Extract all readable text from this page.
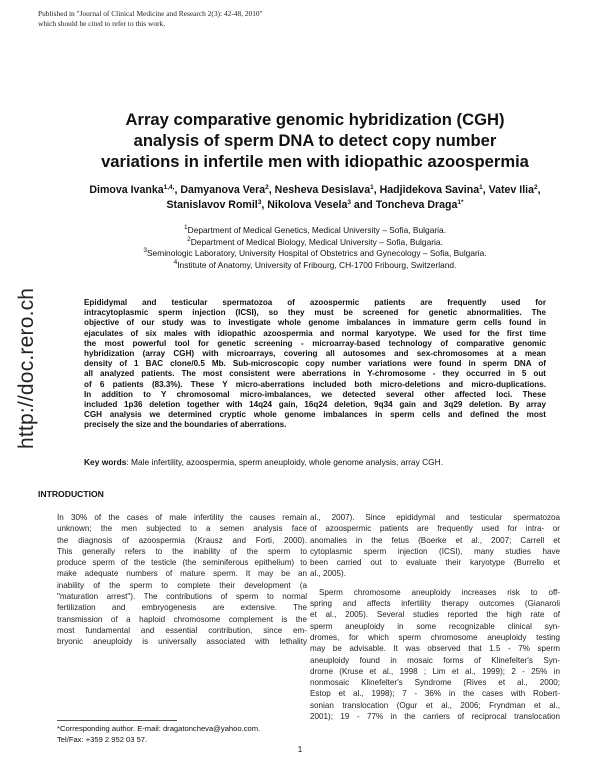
Published in "Journal of Clinical Medicine and Research 2(3): 42-48, 2010"
which should be cited to refer to this work.
http://doc.rero.ch
Array comparative genomic hybridization (CGH)
analysis of sperm DNA to detect copy number
variations in infertile men with idiopathic azoospermia
Dimova Ivanka$^{1,4,}$, Damyanova Vera$^2$, Nesheva Desislava$^1$, Hadjidekova Savina$^1$, Vatev Ilia$^2$,
Stanislavov Romil$^3$, Nikolova Vesela$^3$ and Toncheva Draga$^{1*}$
$^1$Department of Medical Genetics, Medical University – Sofia, Bulgaria.
$^2$Department of Medical Biology, Medical University – Sofia, Bulgaria.
$^3$Seminologic Laboratory, University Hospital of Obstetrics and Gynecology – Sofia, Bulgaria.
$^4$Institute of Anatomy, University of Fribourg, CH-1700 Fribourg, Switzerland.
Epididymal and testicular spermatozoa of azoospermic patients are frequently used for
intracytoplasmic sperm injection (ICSI), so they must be screened for genetic abnormalities. The
objective of our study was to investigate whole genome imbalances in immature germ cells found in
ejaculates of six males with idiopathic azoospermia and normal karyotype. We used for the first time
the most powerful tool for genetic screening - microarray-based technology of comparative genomic
hybridization (array CGH) with microarrays, covering all autosomes and sex-chromosomes at a mean
density of 1 BAC clone/0.5 Mb. Sub-microscopic copy number variations were found in sperm DNA of
all analyzed patients. The most consistent were aberrations in Y-chromosome - they occurred in 5 out
of 6 patients (83.3%). These Y micro-aberrations included both micro-deletions and micro-duplications.
In addition to Y chromosomal micro-imbalances, we detected several other affected loci. These
included 1p36 deletion together with 14q24 gain, 16q24 deletion, 9q34 gain and 3q29 deletion. By array
CGH analysis we determined cryptic whole genome imbalances in sperm cells and defined the most
precisely the size and the boundaries of aberrations.
Key words: Male infertility, azoospermia, sperm aneuploidy, whole genome analysis, array CGH.
INTRODUCTION
In 30% of the cases of male infertility the causes remain
unknown; the men subjected to a semen analysis face
the diagnosis of azoospermia (Krausz and Forti, 2000).
This generally refers to the inability of the sperm to
produce sperm of the testicle (the seminiferous epithelium) to
make adequate numbers of mature sperm. It may be an
inability of the sperm to complete their development (a
"maturation arrest"). The contributions of sperm to normal
fertilization and embryogenesis are extensive. The
transmission of a haploid chromosome complement is the
most fundamental and essential contribution, since em-
bryonic aneuploidy is universally associated with lethality
al., 2007). Since epididymal and testicular spermatozoa
of azoospermic patients are frequently used for intra- or
anomalies in the fetus (Boerke et al., 2007; Carrell et
cytoplasmic sperm injection (ICSI), many studies have
been carried out to evaluate their karyotype (Burrello et
al., 2005).
Sperm chromosome aneuploidy increases risk to off-
spring and affects infertility therapy outcomes (Gianaroli
et al., 2005). Several studies reported the high rate of
sperm aneuploidy in some recognizable clinical syn-
dromes, for which sperm chromosome aneuploidy testing
may be advisable. It was observed that 1.5 - 7% sperm
aneuploidy found in mosaic forms of Klinefelter's Syn-
drome (Kruse et al., 1998 ; Lim et al., 1999); 2 - 25% in
nonmosaic Klinefelter's Syndrome (Rives et al., 2000;
Estop et al., 1998); 7 - 36% in the cases with Robert-
sonian translocation (Ogur et al., 2006; Fryndman et al.,
2001); 19 - 77% in the carriers of reciprocal translocation
*Corresponding author. E-mail: dragatoncheva@yahoo.com.
Tel/Fax: +359 2 952 03 57.
1
